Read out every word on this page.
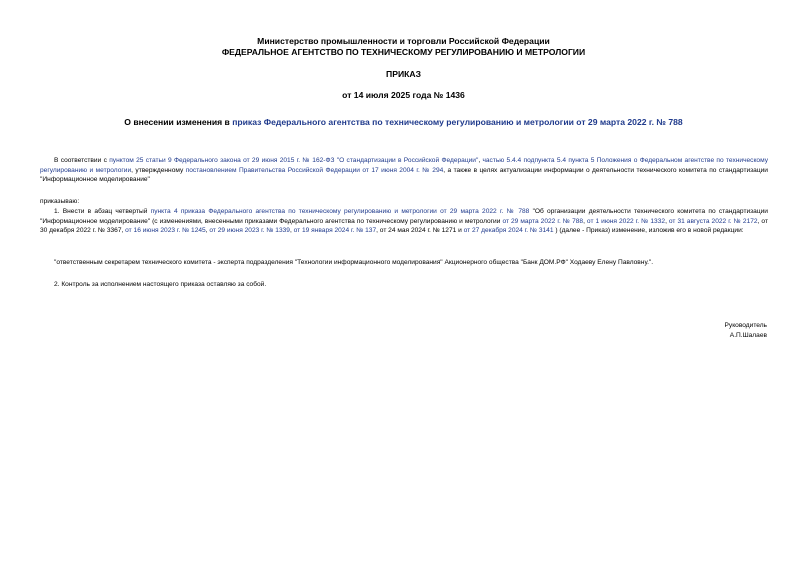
Министерство промышленности и торговли Российской Федерации
ФЕДЕРАЛЬНОЕ АГЕНТСТВО ПО ТЕХНИЧЕСКОМУ РЕГУЛИРОВАНИЮ И МЕТРОЛОГИИ
ПРИКАЗ
от 14 июля 2025 года № 1436
О внесении изменения в приказ Федерального агентства по техническому регулированию и метрологии от 29 марта 2022 г. № 788
В соответствии с пунктом 25 статьи 9 Федерального закона от 29 июня 2015 г. № 162-ФЗ "О стандартизации в Российской Федерации", частью 5.4.4 подпункта 5.4 пункта 5 Положения о Федеральном агентстве по техническому регулированию и метрологии, утвержденному постановлением Правительства Российской Федерации от 17 июня 2004 г. № 294, а также в целях актуализации информации о деятельности технического комитета по стандартизации "Информационное моделирование"
приказываю:
1. Внести в абзац четвертый пункта 4 приказа Федерального агентства по техническому регулированию и метрологии от 29 марта 2022 г. № 788 "Об организации деятельности технического комитета по стандартизации "Информационное моделирование" (с изменениями, внесенными приказами Федерального агентства по техническому регулированию и метрологии от 29 марта 2022 г. № 788, от 1 июня 2022 г. № 1332, от 31 августа 2022 г. № 2172, от 30 декабря 2022 г. № 3367, от 16 июня 2023 г. № 1245, от 29 июня 2023 г. № 1339, от 19 января 2024 г. № 137, от 24 мая 2024 г. № 1271 и от 27 декабря 2024 г. № 3141 ) (далее - Приказ) изменение, изложив его в новой редакции:
"ответственным секретарем технического комитета - эксперта подразделения "Технологии информационного моделирования" Акционерного общества "Банк ДОМ.РФ" Ходаеву Елену Павловну.".
2. Контроль за исполнением настоящего приказа оставляю за собой.
Руководитель
А.П.Шалаев
